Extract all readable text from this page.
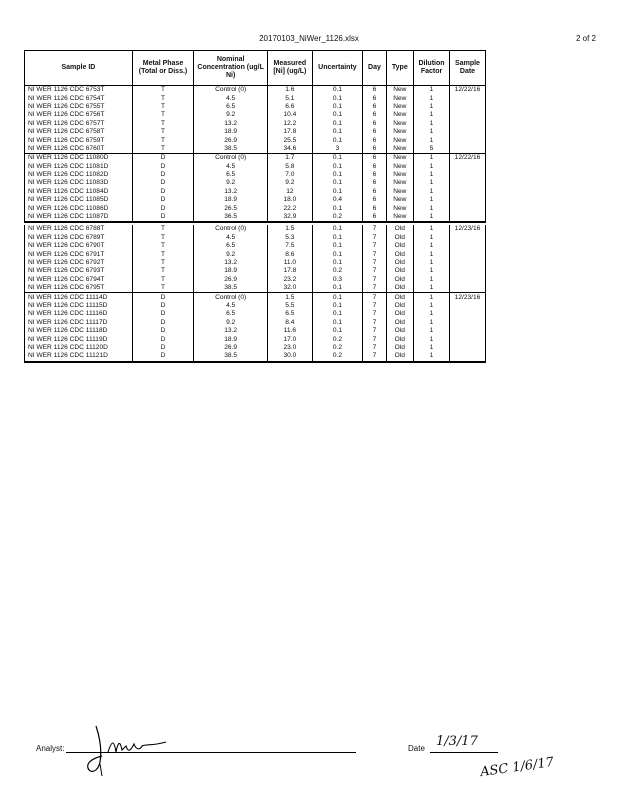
20170103_NiWer_1126.xlsx	2 of 2
Sample ID	Metal Phase (Total or Diss.)	Nominal Concentration (ug/L Ni)	Measured [Ni] (ug/L)	Uncertainty	Day	Type	Dilution Factor	Sample Date
NI WER 1126 CDC 6753T	T	Control (0)	1.6	0.1	6	New	1	12/22/16
NI WER 1126 CDC 6754T	T	4.5	5.1	0.1	6	New	1	
NI WER 1126 CDC 6755T	T	6.5	6.6	0.1	6	New	1	
NI WER 1126 CDC 6756T	T	9.2	10.4	0.1	6	New	1	
NI WER 1126 CDC 6757T	T	13.2	12.2	0.1	6	New	1	
NI WER 1126 CDC 6758T	T	18.9	17.8	0.1	6	New	1	
NI WER 1126 CDC 6759T	T	26.9	25.5	0.1	6	New	1	
NI WER 1126 CDC 6760T	T	38.5	34.6	3	6	New	5	
NI WER 1126 CDC 11080D	D	Control (0)	1.7	0.1	6	New	1	12/22/16
NI WER 1126 CDC 11081D	D	4.5	5.8	0.1	6	New	1	
NI WER 1126 CDC 11082D	D	6.5	7.0	0.1	6	New	1	
NI WER 1126 CDC 11083D	D	9.2	9.2	0.1	6	New	1	
NI WER 1126 CDC 11084D	D	13.2	12	0.1	6	New	1	
NI WER 1126 CDC 11085D	D	18.9	18.0	0.4	6	New	1	
NI WER 1126 CDC 11086D	D	26.5	22.2	0.1	6	New	1	
NI WER 1126 CDC 11087D	D	36.5	32.9	0.2	6	New	1	

NI WER 1126 CDC 6788T	T	Control (0)	1.5	0.1	7	Old	1	12/23/16
NI WER 1126 CDC 6789T	T	4.5	5.3	0.1	7	Old	1	
NI WER 1126 CDC 6790T	T	6.5	7.5	0.1	7	Old	1	
NI WER 1126 CDC 6791T	T	9.2	8.6	0.1	7	Old	1	
NI WER 1126 CDC 6792T	T	13.2	11.0	0.1	7	Old	1	
NI WER 1126 CDC 6793T	T	18.9	17.8	0.2	7	Old	1	
NI WER 1126 CDC 6794T	T	26.9	23.2	0.3	7	Old	1	
NI WER 1126 CDC 6795T	T	38.5	32.0	0.1	7	Old	1	
NI WER 1126 CDC 11114D	D	Control (0)	1.5	0.1	7	Old	1	12/23/16
NI WER 1126 CDC 11115D	D	4.5	5.5	0.1	7	Old	1	
NI WER 1126 CDC 11116D	D	6.5	6.5	0.1	7	Old	1	
NI WER 1126 CDC 11117D	D	9.2	8.4	0.1	7	Old	1	
NI WER 1126 CDC 11118D	D	13.2	11.6	0.1	7	Old	1	
NI WER 1126 CDC 11119D	D	18.9	17.0	0.2	7	Old	1	
NI WER 1126 CDC 11120D	D	26.9	23.0	0.2	7	Old	1	
NI WER 1126 CDC 11121D	D	38.5	30.0	0.2	7	Old	1	
Analyst:	Date 1/3/17
ASC 1/6/17
